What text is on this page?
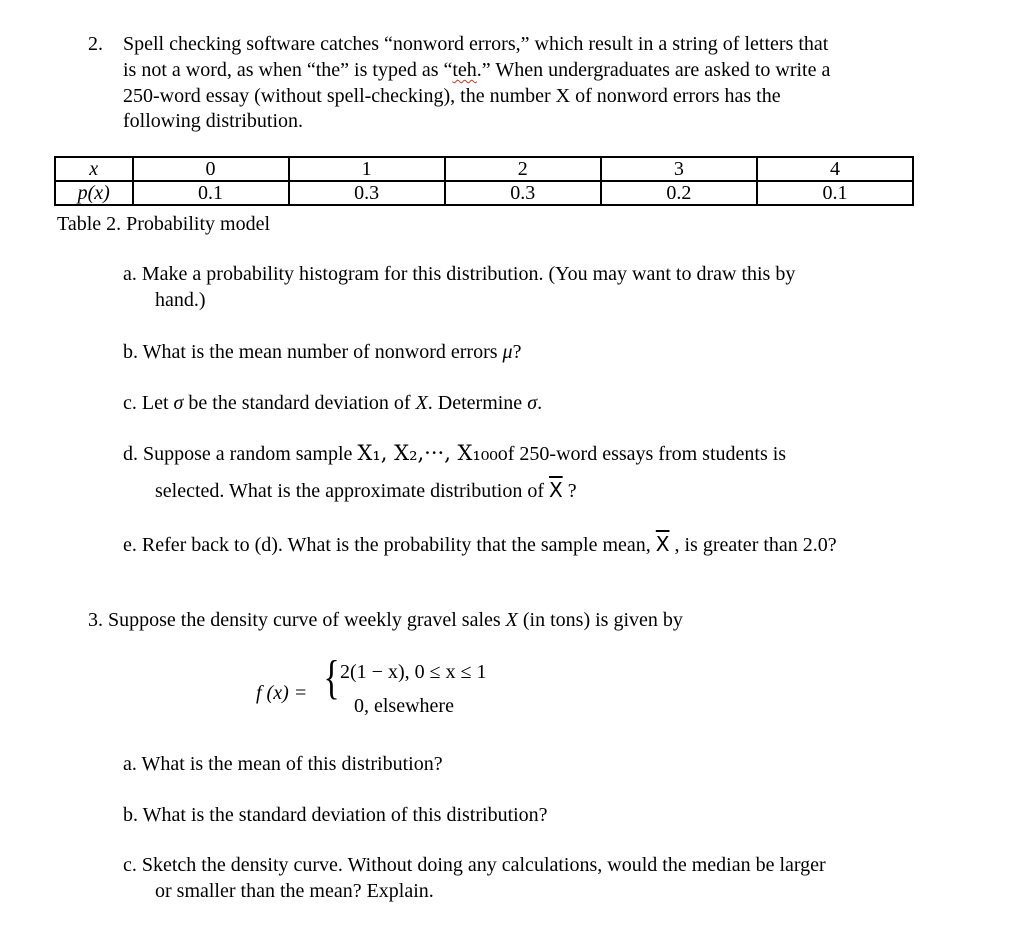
2. Spell checking software catches “nonword errors,” which result in a string of letters that
is not a word, as when “the” is typed as “teh.” When undergraduates are asked to write a
250-word essay (without spell-checking), the number X of nonword errors has the
following distribution.
x	0	1	2	3	4
p(x)	0.1	0.3	0.3	0.2	0.1
Table 2. Probability model
a. Make a probability histogram for this distribution. (You may want to draw this by
hand.)
b. What is the mean number of nonword errors μ?
c. Let σ be the standard deviation of X. Determine σ.
d. Suppose a random sample X₁, X₂,···, X₁₀₀of 250-word essays from students is
selected. What is the approximate distribution of $\overline{X}$ ?
e. Refer back to (d). What is the probability that the sample mean, $\overline{X}$ , is greater than 2.0?
3. Suppose the density curve of weekly gravel sales X (in tons) is given by
f (x) = { 2(1 − x), 0 ≤ x ≤ 1
0, elsewhere
a. What is the mean of this distribution?
b. What is the standard deviation of this distribution?
c. Sketch the density curve. Without doing any calculations, would the median be larger
or smaller than the mean? Explain.
